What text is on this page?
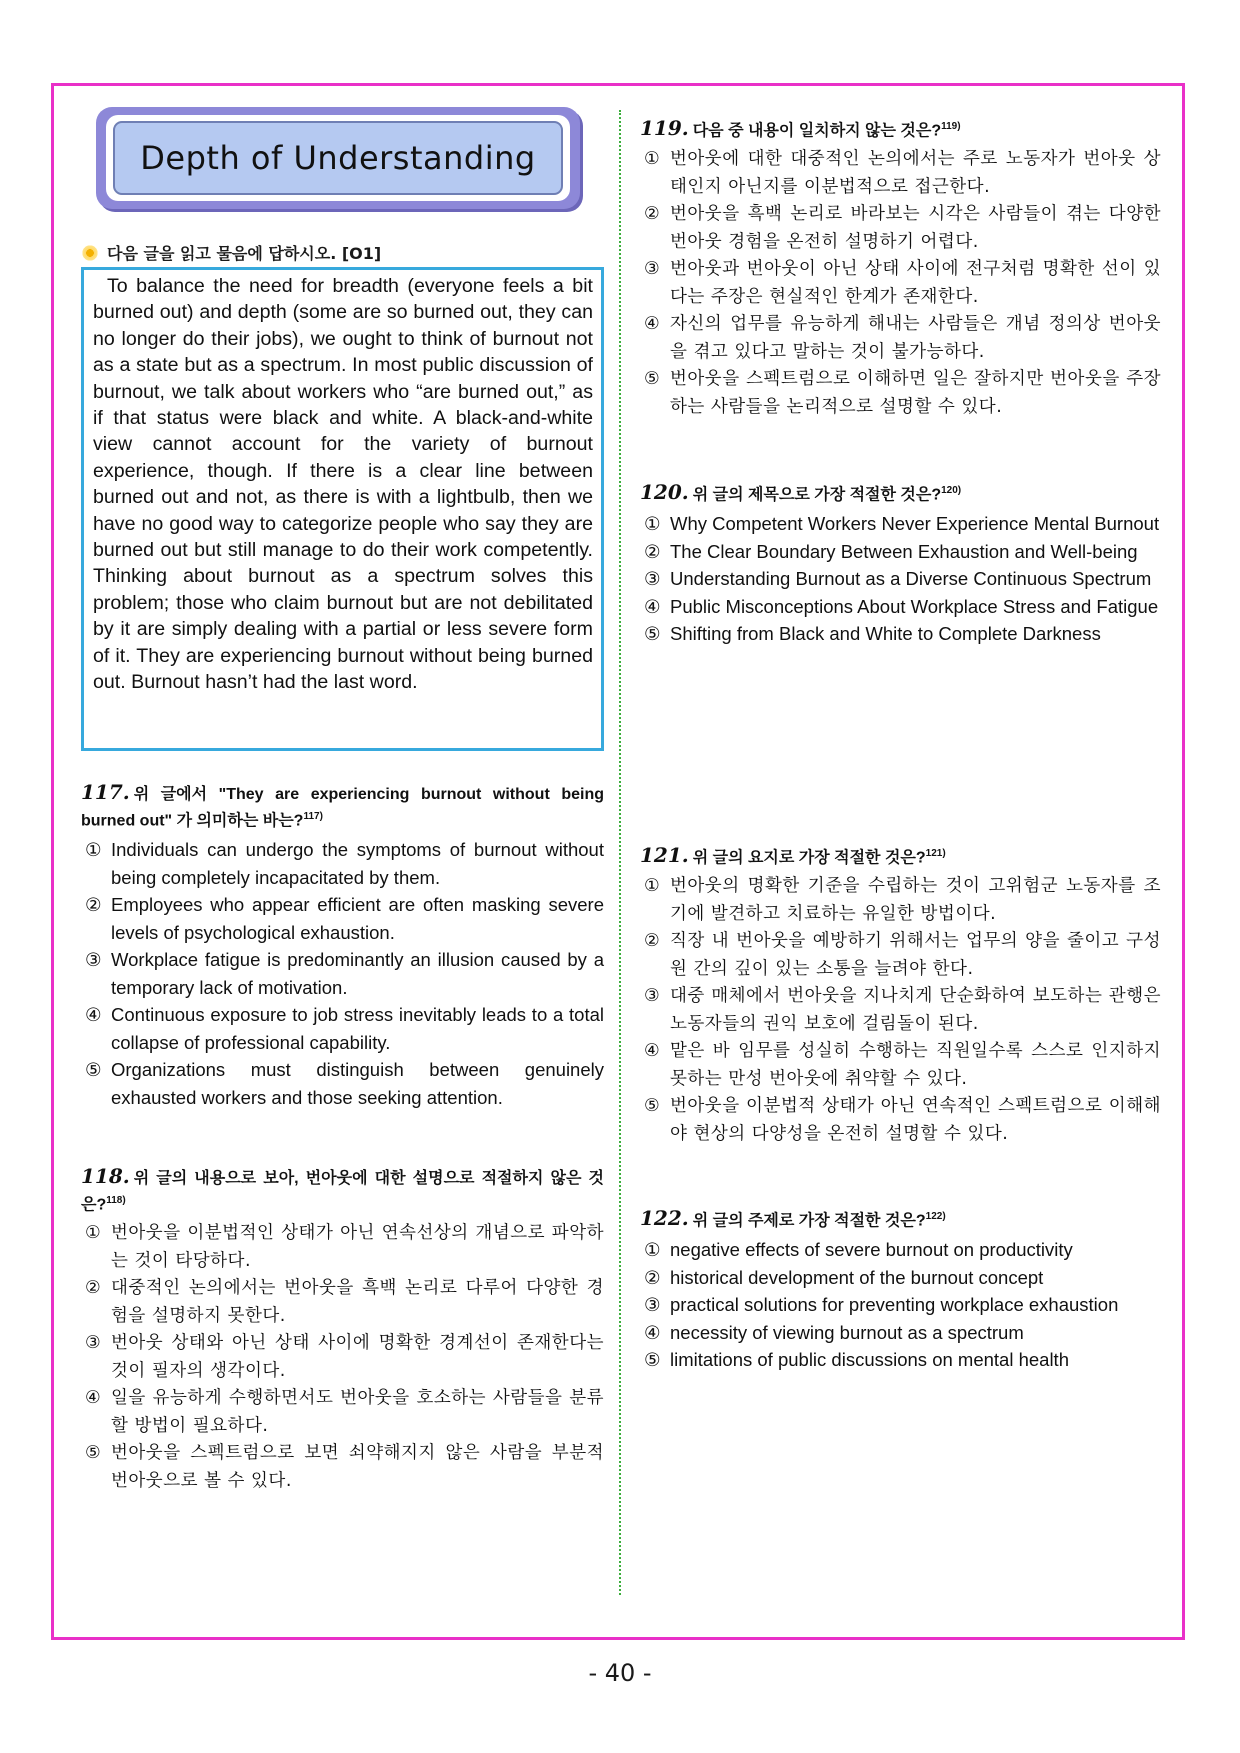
Depth of Understanding
다음 글을 읽고 물음에 답하시오. [O1]
To balance the need for breadth (everyone feels a bit burned out) and depth (some are so burned out, they can no longer do their jobs), we ought to think of burnout not as a state but as a spectrum. In most public discussion of burnout, we talk about workers who “are burned out,” as if that status were black and white. A black-and-white view cannot account for the variety of burnout experience, though. If there is a clear line between burned out and not, as there is with a lightbulb, then we have no good way to categorize people who say they are burned out but still manage to do their work competently. Thinking about burnout as a spectrum solves this problem; those who claim burnout but are not debilitated by it are simply dealing with a partial or less severe form of it. They are experiencing burnout without being burned out. Burnout hasn’t had the last word.
117. 위 글에서 "They are experiencing burnout without being burned out" 가 의미하는 바는?$^{117)}$
① Individuals can undergo the symptoms of burnout without being completely incapacitated by them.
② Employees who appear efficient are often masking severe levels of psychological exhaustion.
③ Workplace fatigue is predominantly an illusion caused by a temporary lack of motivation.
④ Continuous exposure to job stress inevitably leads to a total collapse of professional capability.
⑤ Organizations must distinguish between genuinely exhausted workers and those seeking attention.
118. 위 글의 내용으로 보아, 번아웃에 대한 설명으로 적절하지 않은 것은?$^{118)}$
① 번아웃을 이분법적인 상태가 아닌 연속선상의 개념으로 파악하는 것이 타당하다.
② 대중적인 논의에서는 번아웃을 흑백 논리로 다루어 다양한 경험을 설명하지 못한다.
③ 번아웃 상태와 아닌 상태 사이에 명확한 경계선이 존재한다는 것이 필자의 생각이다.
④ 일을 유능하게 수행하면서도 번아웃을 호소하는 사람들을 분류할 방법이 필요하다.
⑤ 번아웃을 스펙트럼으로 보면 쇠약해지지 않은 사람을 부분적 번아웃으로 볼 수 있다.
119. 다음 중 내용이 일치하지 않는 것은?$^{119)}$
① 번아웃에 대한 대중적인 논의에서는 주로 노동자가 번아웃 상태인지 아닌지를 이분법적으로 접근한다.
② 번아웃을 흑백 논리로 바라보는 시각은 사람들이 겪는 다양한 번아웃 경험을 온전히 설명하기 어렵다.
③ 번아웃과 번아웃이 아닌 상태 사이에 전구처럼 명확한 선이 있다는 주장은 현실적인 한계가 존재한다.
④ 자신의 업무를 유능하게 해내는 사람들은 개념 정의상 번아웃을 겪고 있다고 말하는 것이 불가능하다.
⑤ 번아웃을 스펙트럼으로 이해하면 일은 잘하지만 번아웃을 주장하는 사람들을 논리적으로 설명할 수 있다.
120. 위 글의 제목으로 가장 적절한 것은?$^{120)}$
① Why Competent Workers Never Experience Mental Burnout
② The Clear Boundary Between Exhaustion and Well-being
③ Understanding Burnout as a Diverse Continuous Spectrum
④ Public Misconceptions About Workplace Stress and Fatigue
⑤ Shifting from Black and White to Complete Darkness
121. 위 글의 요지로 가장 적절한 것은?$^{121)}$
① 번아웃의 명확한 기준을 수립하는 것이 고위험군 노동자를 조기에 발견하고 치료하는 유일한 방법이다.
② 직장 내 번아웃을 예방하기 위해서는 업무의 양을 줄이고 구성원 간의 깊이 있는 소통을 늘려야 한다.
③ 대중 매체에서 번아웃을 지나치게 단순화하여 보도하는 관행은 노동자들의 권익 보호에 걸림돌이 된다.
④ 맡은 바 임무를 성실히 수행하는 직원일수록 스스로 인지하지 못하는 만성 번아웃에 취약할 수 있다.
⑤ 번아웃을 이분법적 상태가 아닌 연속적인 스펙트럼으로 이해해야 현상의 다양성을 온전히 설명할 수 있다.
122. 위 글의 주제로 가장 적절한 것은?$^{122)}$
① negative effects of severe burnout on productivity
② historical development of the burnout concept
③ practical solutions for preventing workplace exhaustion
④ necessity of viewing burnout as a spectrum
⑤ limitations of public discussions on mental health
- 40 -
